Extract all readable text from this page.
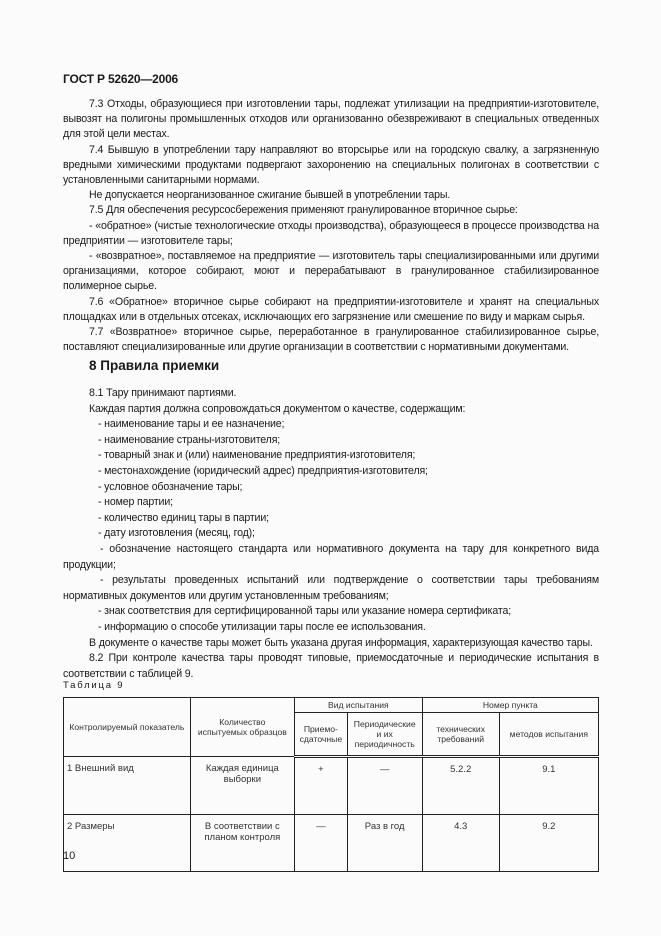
ГОСТ Р 52620—2006

7.3 Отходы, образующиеся при изготовлении тары, подлежат утилизации на предприятии-изготовителе, вывозят на полигоны промышленных отходов или организованно обезвреживают в специальных отведенных для этой цели местах.

7.4 Бывшую в употреблении тару направляют во вторсырье или на городскую свалку, а загрязненную вредными химическими продуктами подвергают захоронению на специальных полигонах в соответствии с установленными санитарными нормами.

Не допускается неорганизованное сжигание бывшей в употреблении тары.

7.5 Для обеспечения ресурсосбережения применяют гранулированное вторичное сырье:

- «обратное» (чистые технологические отходы производства), образующееся в процессе производства на предприятии — изготовителе тары;

- «возвратное», поставляемое на предприятие — изготовитель тары специализированными или другими организациями, которое собирают, моют и перерабатывают в гранулированное стабилизированное полимерное сырье.

7.6 «Обратное» вторичное сырье собирают на предприятии-изготовителе и хранят на специальных площадках или в отдельных отсеках, исключающих его загрязнение или смешение по виду и маркам сырья.

7.7 «Возвратное» вторичное сырье, переработанное в гранулированное стабилизированное сырье, поставляют специализированные или другие организации в соответствии с нормативными документами.

8 Правила приемки

8.1 Тару принимают партиями.

Каждая партия должна сопровождаться документом о качестве, содержащим:

- наименование тары и ее назначение;

- наименование страны-изготовителя;

- товарный знак и (или) наименование предприятия-изготовителя;

- местонахождение (юридический адрес) предприятия-изготовителя;

- условное обозначение тары;

- номер партии;

- количество единиц тары в партии;

- дату изготовления (месяц, год);

- обозначение настоящего стандарта или нормативного документа на тару для конкретного вида продукции;

- результаты проведенных испытаний или подтверждение о соответствии тары требованиям нормативных документов или другим установленным требованиям;

- знак соответствия для сертифицированной тары или указание номера сертификата;

- информацию о способе утилизации тары после ее использования.

В документе о качестве тары может быть указана другая информация, характеризующая качество тары.

8.2 При контроле качества тары проводят типовые, приемосдаточные и периодические испытания в соответствии с таблицей 9.

Таблица 9
Контролируемый показатель	Количество испытуемых образцов	Вид испытания		Номер пункта	
		Приемо-сдаточные	Периодические и их периодичность	технических требований	методов испытания
1 Внешний вид	Каждая единица выборки	+	—	5.2.2	9.1
2 Размеры	В соответствии с планом контроля	—	Раз в год	4.3	9.2
10
